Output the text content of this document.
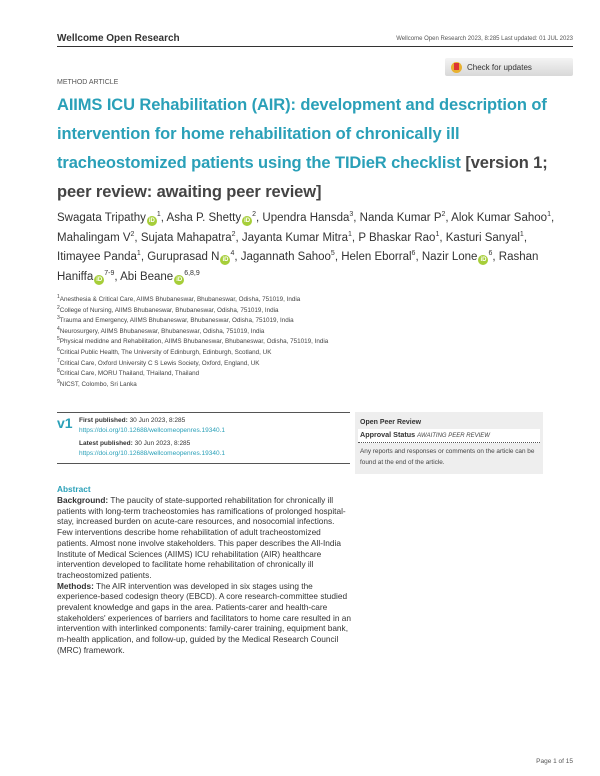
Wellcome Open Research	Wellcome Open Research 2023, 8:285 Last updated: 01 JUL 2023
Check for updates
METHOD ARTICLE
AIIMS ICU Rehabilitation (AIR): development and description of intervention for home rehabilitation of chronically ill tracheostomized patients using the TIDieR checklist [version 1; peer review: awaiting peer review]
Swagata Tripathy $iD^1$, Asha P. Shetty $iD^2$, Upendra Hansda$^3$, Nanda Kumar $P^2$, Alok Kumar Sahoo$^1$, Mahalingam $V^2$, Sujata Mahapatra$^2$, Jayanta Kumar Mitra$^1$, P Bhaskar Rao$^1$, Kasturi Sanyal$^1$, Itimayee Panda$^1$, Guruprasad N $iD^4$, Jagannath Sahoo$^5$, Helen Eborral$^6$, Nazir Lone $iD^6$, Rashan Haniffa $iD^{7-9}$, Abi Beane iD$^{6,8,9}$
$^1$Anesthesia & Critical Care, AIIMS Bhubaneswar, Bhubaneswar, Odisha, 751019, India
$^2$College of Nursing, AIIMS Bhubaneswar, Bhubaneswar, Odisha, 751019, India
$^3$Trauma and Emergency, AIIMS Bhubaneswar, Bhubaneswar, Odisha, 751019, India
$^4$Neurosurgery, AIIMS Bhubaneswar, Bhubaneswar, Odisha, 751019, India
$^5$Physical medidne and Rehabilitation, AIIMS Bhubaneswar, Bhubaneswar, Odisha, 751019, India
$^6$Critical Public Health, The University of Edinburgh, Edinburgh, Scotland, UK
$^7$Critical Care, Oxford University C S Lewis Society, Oxford, England, UK
$^8$Critical Care, MORU Thailand, THailand, Thailand
$^9$NICST, Colombo, Sri Lanka
v1 First published: 30 Jun 2023, 8:285
https://doi.org/10.12688/wellcomeopenres.19340.1
Latest published: 30 Jun 2023, 8:285
https://doi.org/10.12688/wellcomeopenres.19340.1
Abstract
Background: The paucity of state-supported rehabilitation for chronically ill patients with long-term tracheostomies has ramifications of prolonged hospital-stay, increased burden on acute-care resources, and nosocomial infections. Few interventions describe home rehabilitation of adult tracheostomized patients. Almost none involve stakeholders. This paper describes the All-India Institute of Medical Sciences (AIIMS) ICU rehabilitation (AIR) healthcare intervention developed to facilitate home rehabilitation of chronically ill tracheostomized patients.
Methods: The AIR intervention was developed in six stages using the experience-based codesign theory (EBCD). A core research-committee studied prevalent knowledge and gaps in the area. Patients-carer and health-care stakeholders' experiences of barriers and facilitators to home care resulted in an intervention with interlinked components: family-carer training, equipment bank, m-health application, and follow-up, guided by the Medical Research Council (MRC) framework.
Open Peer Review
Approval Status AWAITING PEER REVIEW
Any reports and responses or comments on the article can be found at the end of the article.
Page 1 of 15
